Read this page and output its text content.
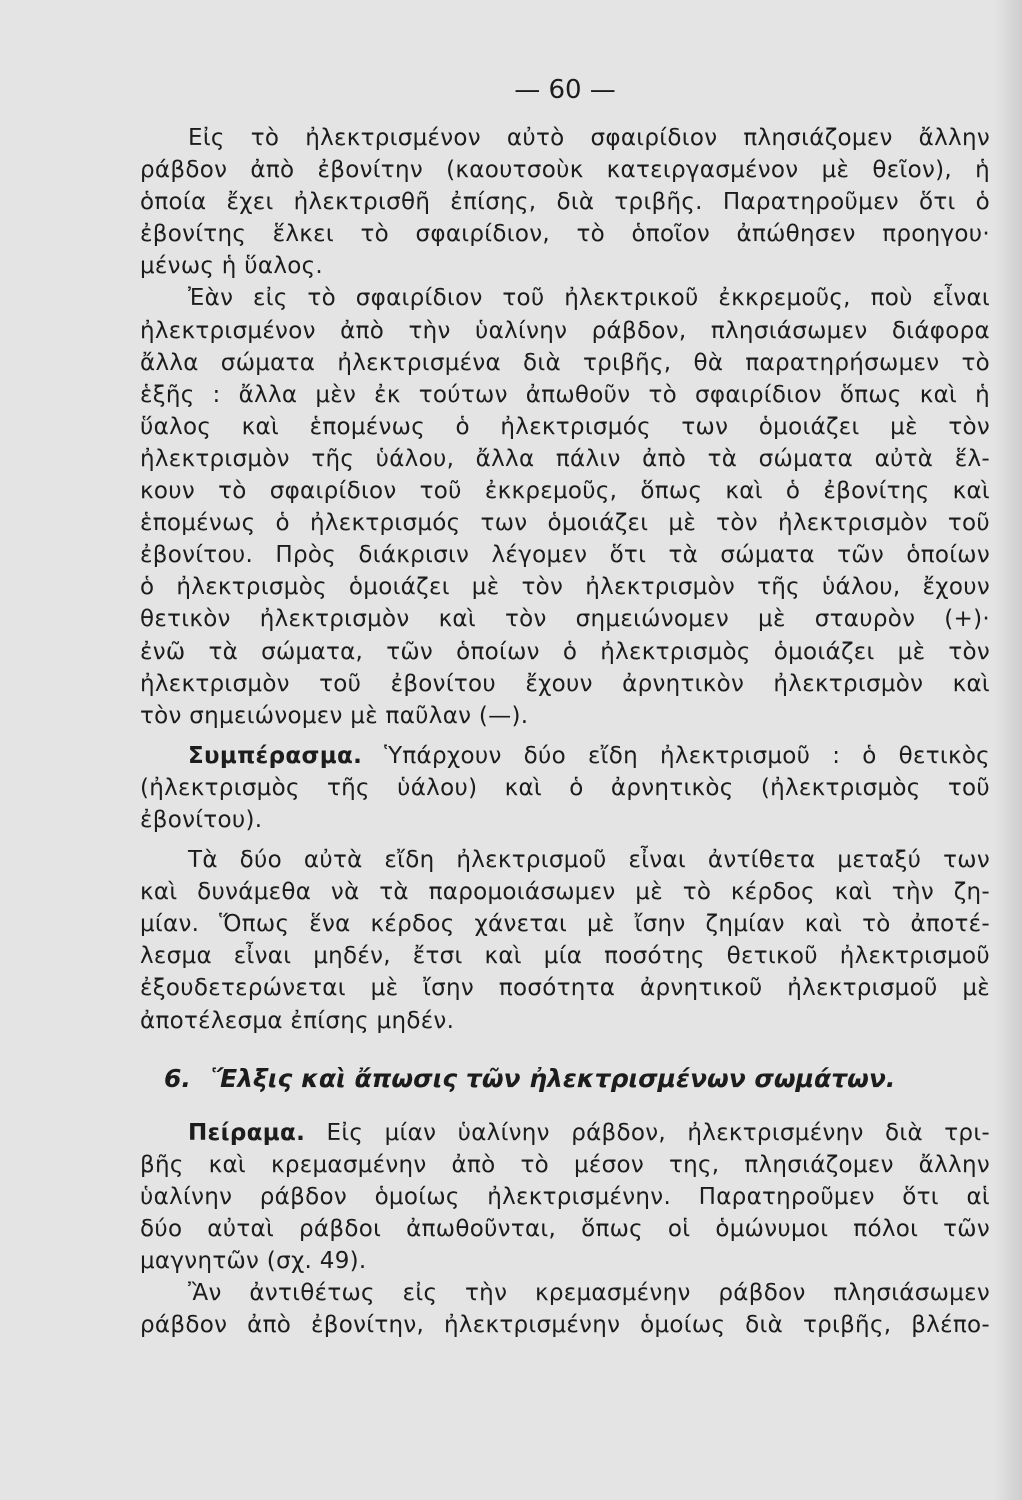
— 60 —
Εἰς τὸ ἠλεκτρισμένον αὐτὸ σφαιρίδιον πλησιάζομεν ἄλλην
ράβδον ἀπὸ ἐβονίτην (καουτσοὺκ κατειργασμένον μὲ θεῖον), ἡ
ὁποία ἔχει ἠλεκτρισθῆ ἐπίσης, διὰ τριβῆς. Παρατηροῦμεν ὅτι ὁ
ἐβονίτης ἕλκει τὸ σφαιρίδιον, τὸ ὁποῖον ἀπώθησεν προηγου·
μένως ἡ ὕαλος.
Ἐὰν εἰς τὸ σφαιρίδιον τοῦ ἠλεκτρικοῦ ἐκκρεμοῦς, ποὺ εἶναι
ἠλεκτρισμένον ἀπὸ τὴν ὑαλίνην ράβδον, πλησιάσωμεν διάφορα
ἄλλα σώματα ἠλεκτρισμένα διὰ τριβῆς, θὰ παρατηρήσωμεν τὸ
ἑξῆς : ἄλλα μὲν ἐκ τούτων ἀπωθοῦν τὸ σφαιρίδιον ὅπως καὶ ἡ
ὕαλος καὶ ἑπομένως ὁ ἠλεκτρισμός των ὁμοιάζει μὲ τὸν
ἠλεκτρισμὸν τῆς ὑάλου, ἄλλα πάλιν ἀπὸ τὰ σώματα αὐτὰ ἕλ-
κουν τὸ σφαιρίδιον τοῦ ἐκκρεμοῦς, ὅπως καὶ ὁ ἐβονίτης καὶ
ἑπομένως ὁ ἠλεκτρισμός των ὁμοιάζει μὲ τὸν ἠλεκτρισμὸν τοῦ
ἐβονίτου. Πρὸς διάκρισιν λέγομεν ὅτι τὰ σώματα τῶν ὁποίων
ὁ ἠλεκτρισμὸς ὁμοιάζει μὲ τὸν ἠλεκτρισμὸν τῆς ὑάλου, ἔχουν
θετικὸν ἠλεκτρισμὸν καὶ τὸν σημειώνομεν μὲ σταυρὸν (+)·
ἐνῶ τὰ σώματα, τῶν ὁποίων ὁ ἠλεκτρισμὸς ὁμοιάζει μὲ τὸν
ἠλεκτρισμὸν τοῦ ἐβονίτου ἔχουν ἀρνητικὸν ἠλεκτρισμὸν καὶ
τὸν σημειώνομεν μὲ παῦλαν (—).
Συμπέρασμα. Ὑπάρχουν δύο εἴδη ἠλεκτρισμοῦ : ὁ θετικὸς
(ἠλεκτρισμὸς τῆς ὑάλου) καὶ ὁ ἀρνητικὸς (ἠλεκτρισμὸς τοῦ
ἐβονίτου).
Τὰ δύο αὐτὰ εἴδη ἠλεκτρισμοῦ εἶναι ἀντίθετα μεταξύ των
καὶ δυνάμεθα νὰ τὰ παρομοιάσωμεν μὲ τὸ κέρδος καὶ τὴν ζη-
μίαν. Ὅπως ἕνα κέρδος χάνεται μὲ ἴσην ζημίαν καὶ τὸ ἀποτέ-
λεσμα εἶναι μηδέν, ἔτσι καὶ μία ποσότης θετικοῦ ἠλεκτρισμοῦ
ἐξουδετερώνεται μὲ ἴσην ποσότητα ἀρνητικοῦ ἠλεκτρισμοῦ μὲ
ἀποτέλεσμα ἐπίσης μηδέν.
6. Ἕλξις καὶ ἄπωσις τῶν ἠλεκτρισμένων σωμάτων.
Πείραμα. Εἰς μίαν ὑαλίνην ράβδον, ἠλεκτρισμένην διὰ τρι-
βῆς καὶ κρεμασμένην ἀπὸ τὸ μέσον της, πλησιάζομεν ἄλλην
ὑαλίνην ράβδον ὁμοίως ἠλεκτρισμένην. Παρατηροῦμεν ὅτι αἱ
δύο αὐταὶ ράβδοι ἀπωθοῦνται, ὅπως οἱ ὁμώνυμοι πόλοι τῶν
μαγνητῶν (σχ. 49).
Ἂν ἀντιθέτως εἰς τὴν κρεμασμένην ράβδον πλησιάσωμεν
ράβδον ἀπὸ ἐβονίτην, ἠλεκτρισμένην ὁμοίως διὰ τριβῆς, βλέπο-
